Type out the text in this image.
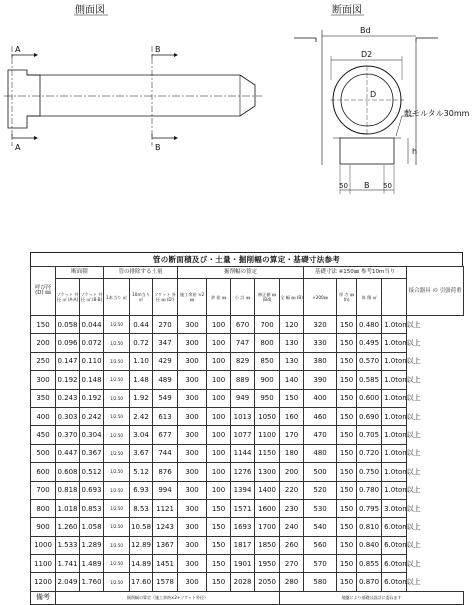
側面図
A	B
A	B
断面図
Bd
D2
D
敷モルタル30mm
h
50 B 50
管の断面積及び・土量・掘削幅の算定・基礎寸法参考
呼び径 (D) ㎜	断面積		管の排除する土量			掘削幅の算定					基礎寸法 ※150㎜ 参考10m当り				接合器具 の 引張荷重
	ソケット 外径 ㎡ (A-A)	ソケット 外径 ㎡ (B-B)	1本当り ㎡	10m当り ㎡	ソケット 外径 ㎜ (D')	施工余裕 ×2 ㎜	余 裕 ㎜	小 計 ㎜	修正値 ㎜ (Bd)	全 幅 ㎜ (B)	+200㎜	厚 さ ㎜ (h)	体 積 ㎥		
150	0.058	0.044	1/2.50	0.44	270	300	100	670	700	120	320	150	0.480	1.0ton以上	
200	0.096	0.072	1/2.50	0.72	347	300	100	747	800	130	330	150	0.495	1.0ton以上	
250	0.147	0.110	1/2.50	1.10	429	300	100	829	850	130	380	150	0.570	1.0ton以上	
300	0.192	0.148	1/2.50	1.48	489	300	100	889	900	140	390	150	0.585	1.0ton以上	
350	0.243	0.192	1/2.50	1.92	549	300	100	949	950	150	400	150	0.600	1.0ton以上	
400	0.303	0.242	1/2.50	2.42	613	300	100	1013	1050	160	460	150	0.690	1.0ton以上	
450	0.370	0.304	1/2.50	3.04	677	300	100	1077	1100	170	470	150	0.705	1.0ton以上	
500	0.447	0.367	1/2.50	3.67	744	300	100	1144	1150	180	480	150	0.720	1.0ton以上	
600	0.608	0.512	1/2.50	5.12	876	300	100	1276	1300	200	500	150	0.750	1.0ton以上	
700	0.818	0.693	1/2.50	6.93	994	300	100	1394	1400	220	520	150	0.780	1.0ton以上	
800	1.018	0.853	1/2.50	8.53	1121	300	150	1571	1600	230	530	150	0.795	3.0ton以上	
900	1.260	1.058	1/2.50	10.58	1243	300	150	1693	1700	240	540	150	0.810	6.0ton以上	
1000	1.533	1.289	1/2.50	12.89	1367	300	150	1817	1850	260	560	150	0.840	6.0ton以上	
1100	1.741	1.489	1/2.50	14.89	1451	300	150	1901	1950	270	570	150	0.855	6.0ton以上	
1200	2.049	1.760	1/2.50	17.60	1578	300	150	2028	2050	280	580	150	0.870	6.0ton以上	
備考	掘削幅の算定（施工余裕×2+ソケット外径）									地盤により基礎は設計に委ねます					
